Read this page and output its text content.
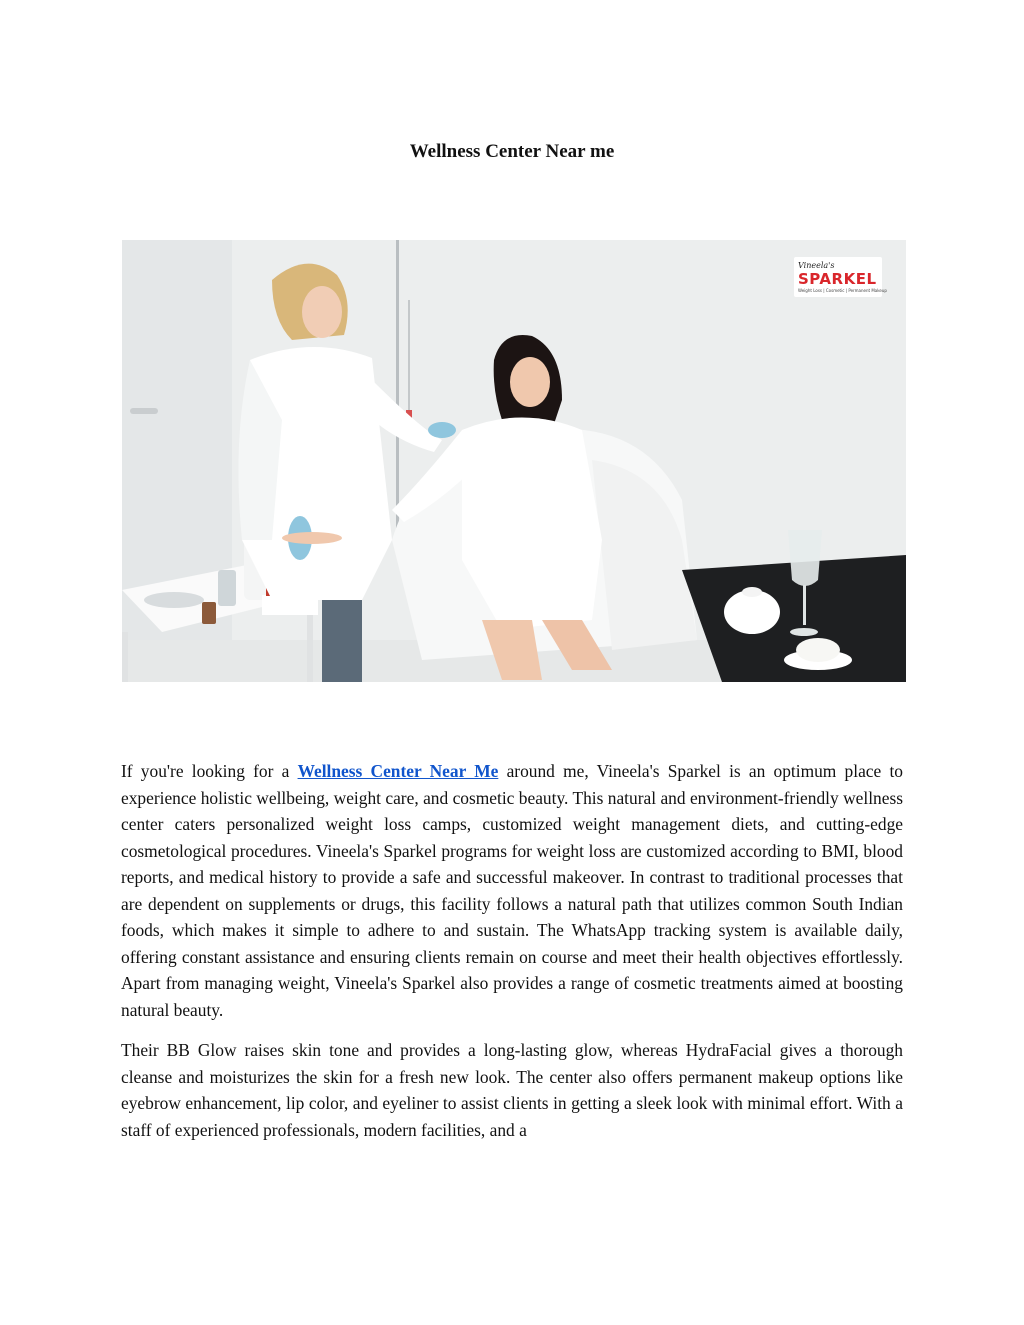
Wellness Center Near me
Vineela's
SPARKEL
Weight Loss | Cosmetic | Permanent Makeup

If you're looking for a Wellness Center Near Me around me, Vineela's Sparkel is an optimum place to experience holistic wellbeing, weight care, and cosmetic beauty. This natural and environment-friendly wellness center caters personalized weight loss camps, customized weight management diets, and cutting-edge cosmetological procedures. Vineela's Sparkel programs for weight loss are customized according to BMI, blood reports, and medical history to provide a safe and successful makeover. In contrast to traditional processes that are dependent on supplements or drugs, this facility follows a natural path that utilizes common South Indian foods, which makes it simple to adhere to and sustain. The WhatsApp tracking system is available daily, offering constant assistance and ensuring clients remain on course and meet their health objectives effortlessly. Apart from managing weight, Vineela's Sparkel also provides a range of cosmetic treatments aimed at boosting natural beauty.

Their BB Glow raises skin tone and provides a long-lasting glow, whereas HydraFacial gives a thorough cleanse and moisturizes the skin for a fresh new look. The center also offers permanent makeup options like eyebrow enhancement, lip color, and eyeliner to assist clients in getting a sleek look with minimal effort. With a staff of experienced professionals, modern facilities, and a
